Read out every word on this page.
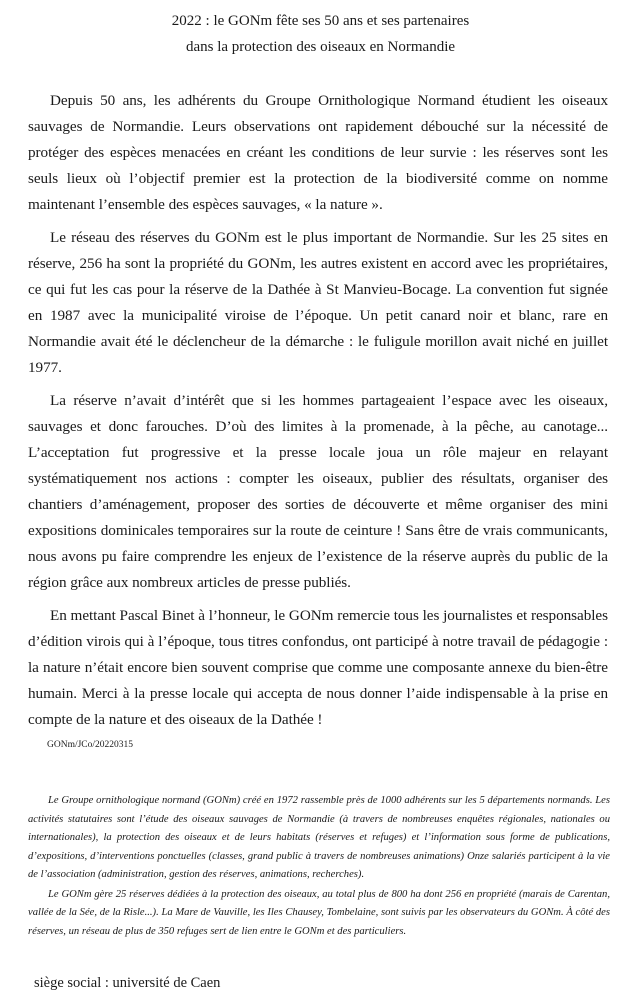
2022 : le GONm fête ses 50 ans et ses partenaires
dans la protection des oiseaux en Normandie

Depuis 50 ans, les adhérents du Groupe Ornithologique Normand étudient les oiseaux sauvages de Normandie. Leurs observations ont rapidement débouché sur la nécessité de protéger des espèces menacées en créant les conditions de leur survie : les réserves sont les seuls lieux où l’objectif premier est la protection de la biodiversité comme on nomme maintenant l’ensemble des espèces sauvages, « la nature ».

Le réseau des réserves du GONm est le plus important de Normandie. Sur les 25 sites en réserve, 256 ha sont la propriété du GONm, les autres existent en accord avec les propriétaires, ce qui fut les cas pour la réserve de la Dathée à St Manvieu-Bocage. La convention fut signée en 1987 avec la municipalité viroise de l’époque. Un petit canard noir et blanc, rare en Normandie avait été le déclencheur de la démarche : le fuligule morillon avait niché en juillet 1977.

La réserve n’avait d’intérêt que si les hommes partageaient l’espace avec les oiseaux, sauvages et donc farouches. D’où des limites à la promenade, à la pêche, au canotage... L’acceptation fut progressive et la presse locale joua un rôle majeur en relayant systématiquement nos actions : compter les oiseaux, publier des résultats, organiser des chantiers d’aménagement, proposer des sorties de découverte et même organiser des mini expositions dominicales temporaires sur la route de ceinture ! Sans être de vrais communicants, nous avons pu faire comprendre les enjeux de l’existence de la réserve auprès du public de la région grâce aux nombreux articles de presse publiés.

En mettant Pascal Binet à l’honneur, le GONm remercie tous les journalistes et responsables d’édition virois qui à l’époque, tous titres confondus, ont participé à notre travail de pédagogie : la nature n’était encore bien souvent comprise que comme une composante annexe du bien-être humain. Merci à la presse locale qui accepta de nous donner l’aide indispensable à la prise en compte de la nature et des oiseaux de la Dathée !

GONm/JCo/20220315

Le Groupe ornithologique normand (GONm) créé en 1972 rassemble près de 1000 adhérents sur les 5 départements normands. Les activités statutaires sont l’étude des oiseaux sauvages de Normandie (à travers de nombreuses enquêtes régionales, nationales ou internationales), la protection des oiseaux et de leurs habitats (réserves et refuges) et l’information sous forme de publications, d’expositions, d’interventions ponctuelles (classes, grand public à travers de nombreuses animations) Onze salariés participent à la vie de l’association (administration, gestion des réserves, animations, recherches).

Le GONm gère 25 réserves dédiées à la protection des oiseaux, au total plus de 800 ha dont 256 en propriété (marais de Carentan, vallée de la Sée, de la Risle...). La Mare de Vauville, les Iles Chausey, Tombelaine, sont suivis par les observateurs du GONm. À côté des réserves, un réseau de plus de 350 refuges sert de lien entre le GONm et des particuliers.

siège social : université de Caen
